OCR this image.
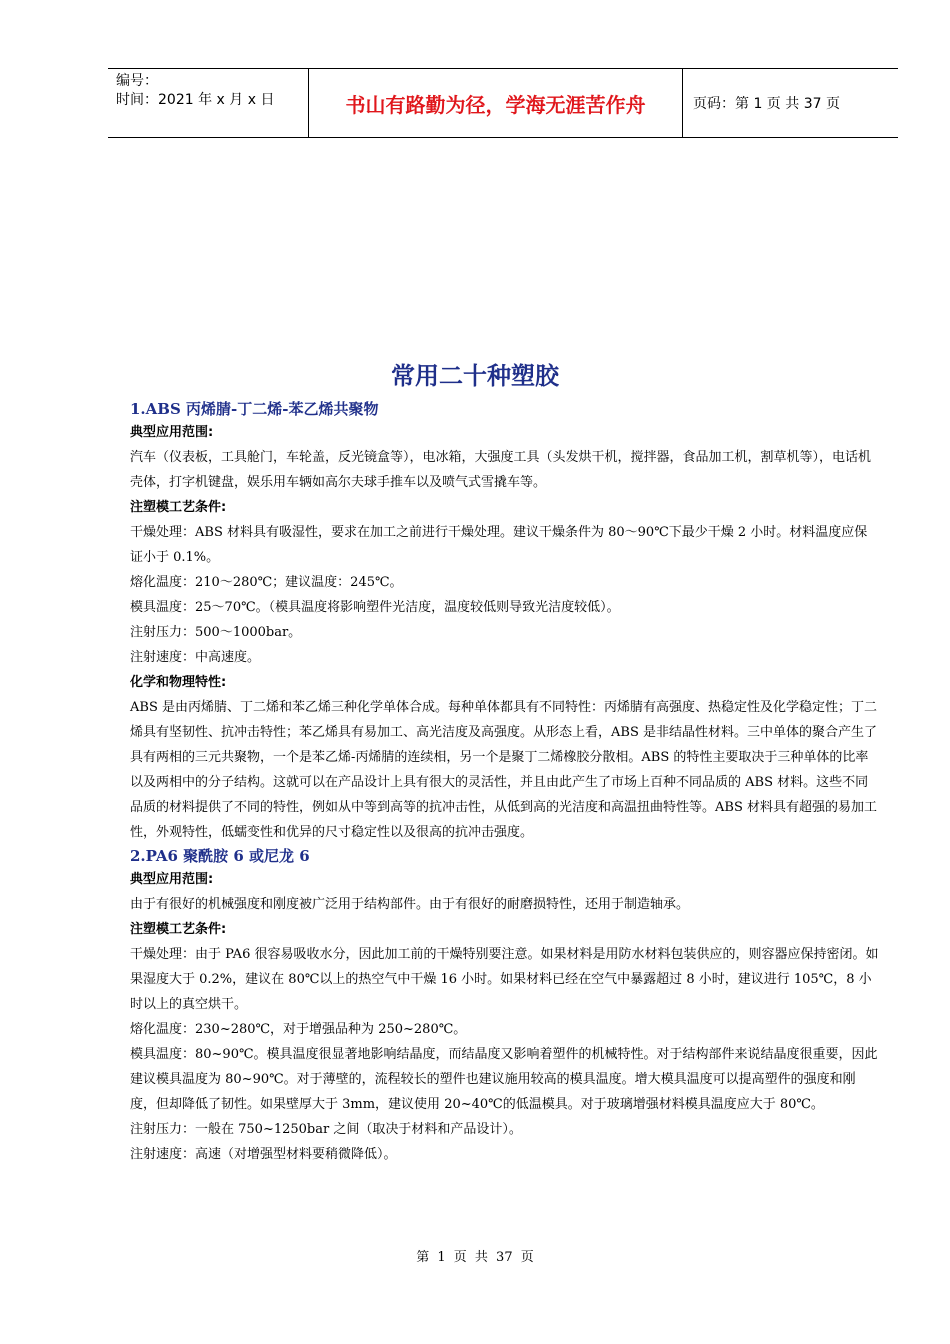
编号：
时间：2021 年 x 月 x 日	书山有路勤为径，学海无涯苦作舟	页码：第 1 页 共 37 页
常用二十种塑胶

1.ABS 丙烯腈-丁二烯-苯乙烯共聚物

典型应用范围:

汽车（仪表板，工具舱门，车轮盖，反光镜盒等），电冰箱，大强度工具（头发烘干机，搅拌器，食品加工机，割草机等），电话机壳体，打字机键盘，娱乐用车辆如高尔夫球手推车以及喷气式雪撬车等。

注塑模工艺条件:

干燥处理：ABS 材料具有吸湿性，要求在加工之前进行干燥处理。建议干燥条件为 80～90℃下最少干燥 2 小时。材料温度应保证小于 0.1%。

熔化温度：210～280℃；建议温度：245℃。

模具温度：25～70℃。（模具温度将影响塑件光洁度，温度较低则导致光洁度较低）。

注射压力：500～1000bar。

注射速度：中高速度。

化学和物理特性:

ABS 是由丙烯腈、丁二烯和苯乙烯三种化学单体合成。每种单体都具有不同特性：丙烯腈有高强度、热稳定性及化学稳定性；丁二烯具有坚韧性、抗冲击特性；苯乙烯具有易加工、高光洁度及高强度。从形态上看，ABS 是非结晶性材料。三中单体的聚合产生了具有两相的三元共聚物，一个是苯乙烯-丙烯腈的连续相，另一个是聚丁二烯橡胶分散相。ABS 的特性主要取决于三种单体的比率以及两相中的分子结构。这就可以在产品设计上具有很大的灵活性，并且由此产生了市场上百种不同品质的 ABS 材料。这些不同品质的材料提供了不同的特性，例如从中等到高等的抗冲击性，从低到高的光洁度和高温扭曲特性等。ABS 材料具有超强的易加工性，外观特性，低蠕变性和优异的尺寸稳定性以及很高的抗冲击强度。

2.PA6 聚酰胺 6 或尼龙 6

典型应用范围:

由于有很好的机械强度和刚度被广泛用于结构部件。由于有很好的耐磨损特性，还用于制造轴承。

注塑模工艺条件:

干燥处理：由于 PA6 很容易吸收水分，因此加工前的干燥特别要注意。如果材料是用防水材料包装供应的，则容器应保持密闭。如果湿度大于 0.2%，建议在 80℃以上的热空气中干燥 16 小时。如果材料已经在空气中暴露超过 8 小时，建议进行 105℃，8 小时以上的真空烘干。

熔化温度：230~280℃，对于增强品种为 250~280℃。

模具温度：80~90℃。模具温度很显著地影响结晶度，而结晶度又影响着塑件的机械特性。对于结构部件来说结晶度很重要，因此建议模具温度为 80~90℃。对于薄壁的，流程较长的塑件也建议施用较高的模具温度。增大模具温度可以提高塑件的强度和刚度，但却降低了韧性。如果壁厚大于 3mm，建议使用 20~40℃的低温模具。对于玻璃增强材料模具温度应大于 80℃。

注射压力：一般在 750~1250bar 之间（取决于材料和产品设计）。

注射速度：高速（对增强型材料要稍微降低）。

第 1 页 共 37 页
